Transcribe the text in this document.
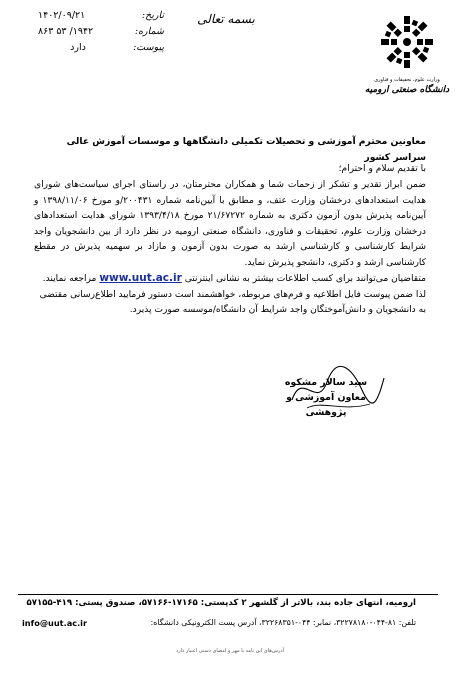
وزارت علوم، تحقیقات و فناوری
دانشگاه صنعتی ارومیه
بسمه تعالی
تاریخ:
۱۴۰۲/۰۹/۲۱
شماره:
۸۶۳ ۵۳ /۱۹۴۲
پیوست:
دارد
معاونین محترم آموزشی و تحصیلات تکمیلی دانشگاهها و موسسات آموزش عالی سراسر کشور
با تقدیم سلام و احترام؛

ضمن ابراز تقدیر و تشکر از زحمات شما و همکاران محترمتان، در راستای اجرای سیاست‌های شورای هدایت استعدادهای درخشان وزارت عتف، و مطابق با آیین‌نامه شماره ۲۰۰۴۳۱/و مورخ ۱۳۹۸/۱۱/۰۶ و آیین‌نامه پذیرش بدون آزمون دکتری به شماره ۲۱/۶۷۲۷۲ مورخ ۱۳۹۳/۴/۱۸ شورای هدایت استعدادهای درخشان وزارت علوم، تحقیقات و فناوری، دانشگاه صنعتی ارومیه در نظر دارد از بین دانشجویان واجد شرایط کارشناسی و کارشناسی ارشد به صورت بدون آزمون و مازاد بر سهمیه پذیرش در مقطع کارشناسی ارشد و دکتری، دانشجو پذیرش نماید.

متقاضیان می‌توانند برای کسب اطلاعات بیشتر به نشانی اینترنتی www.uut.ac.ir مراجعه نمایند. لذا ضمن پیوست فایل اطلاعیه و فرم‌های مربوطه، خواهشمند است دستور فرمایید اطلاع‌رسانی مقتضی به دانشجویان و دانش‌آموختگان واجد شرایط آن دانشگاه/موسسه صورت پذیرد.

سید سالار مشکوه
معاون آموزشی و پژوهشی
ارومیه، انتهای جاده بند، بالاتر از گلشهر ۲ کدپستی: ۱۷۱۶۵-۵۷۱۶۶، صندوق پستی: ۴۱۹-۵۷۱۵۵
تلفن: ۸۱-۰۴۴-۳۲۲۷۸۱۸۰، نمابر: ۰۴۴-۳۲۲۶۸۳۵۱، آدرس پست الکترونیکی دانشگاه:
info@uut.ac.ir
آدرس‌های این نامه با مهر و امضای دستی اعتبار دارد
